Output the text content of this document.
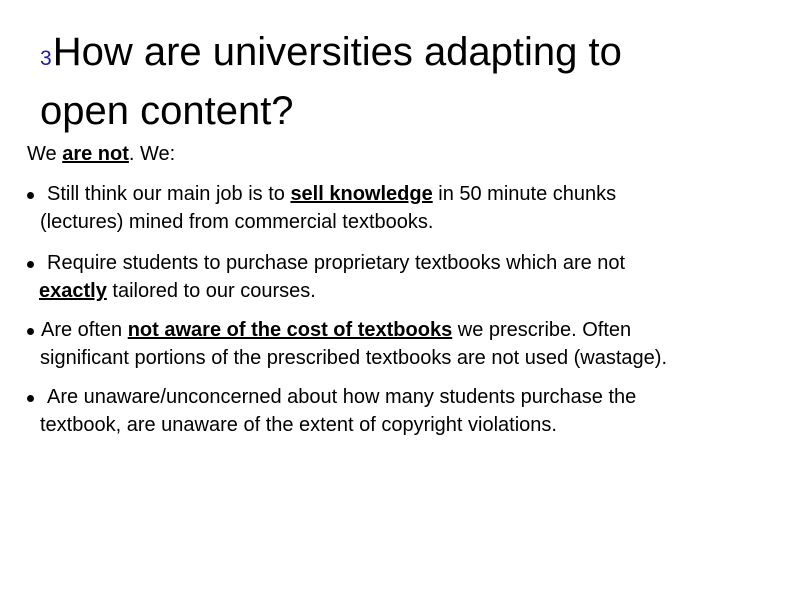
3How are universities adapting to
open content?
We are not. We:
Still think our main job is to sell knowledge in 50 minute chunks
(lectures) mined from commercial textbooks.
Require students to purchase proprietary textbooks which are not
exactly tailored to our courses.
Are often not aware of the cost of textbooks we prescribe. Often
significant portions of the prescribed textbooks are not used (wastage).
Are unaware/unconcerned about how many students purchase the
textbook, are unaware of the extent of copyright violations.
